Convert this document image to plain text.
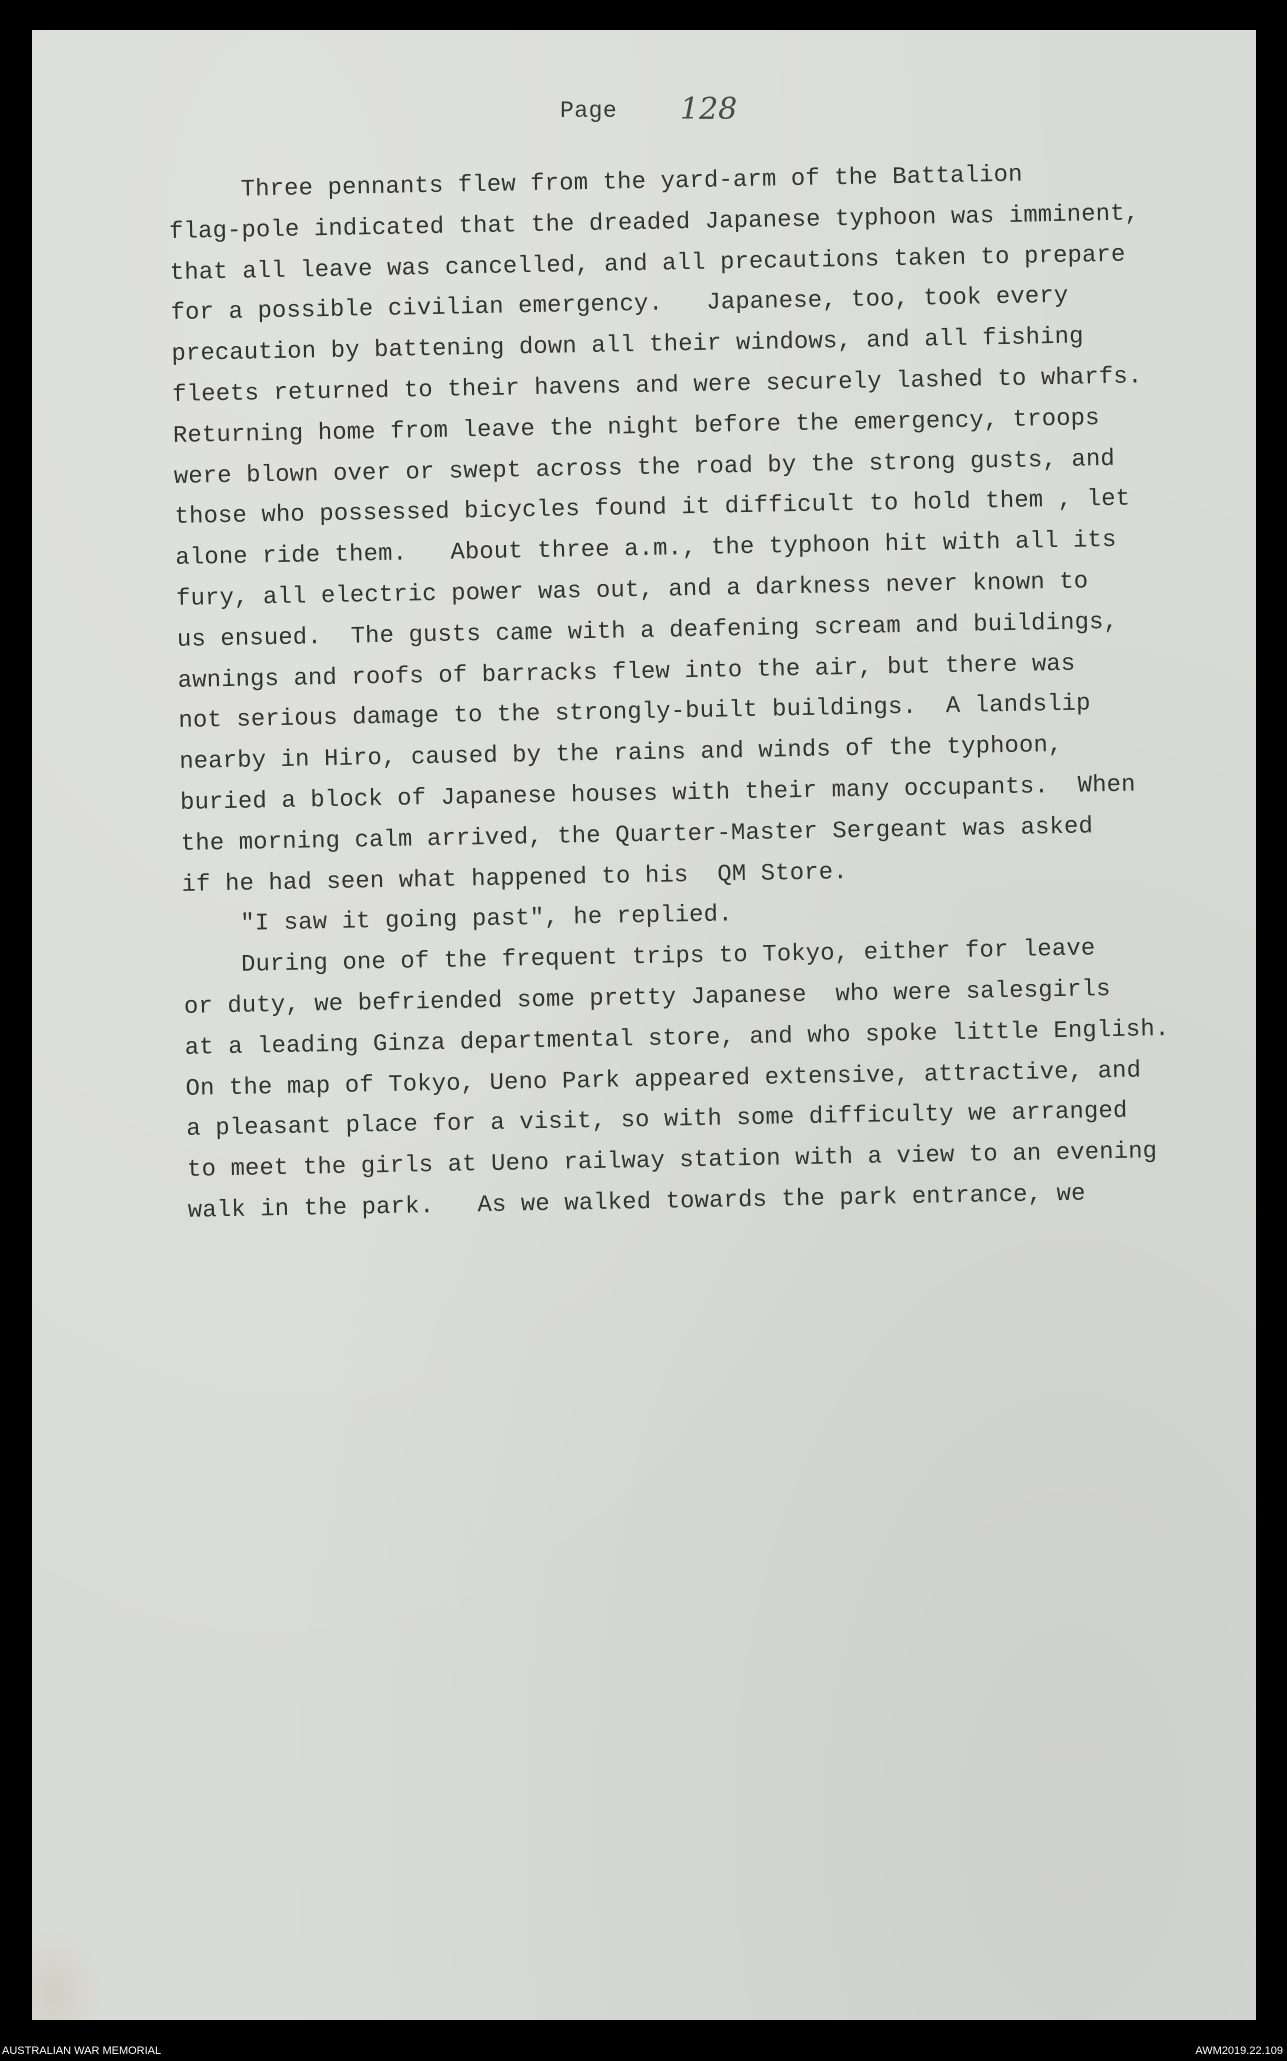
Page 128
Three pennants flew from the yard-arm of the Battalion
flag-pole indicated that the dreaded Japanese typhoon was imminent,
that all leave was cancelled, and all precautions taken to prepare
for a possible civilian emergency.   Japanese, too, took every
precaution by battening down all their windows, and all fishing
fleets returned to their havens and were securely lashed to wharfs.
Returning home from leave the night before the emergency, troops
were blown over or swept across the road by the strong gusts, and
those who possessed bicycles found it difficult to hold them , let
alone ride them.   About three a.m., the typhoon hit with all its
fury, all electric power was out, and a darkness never known to
us ensued.  The gusts came with a deafening scream and buildings,
awnings and roofs of barracks flew into the air, but there was
not serious damage to the strongly-built buildings.  A landslip
nearby in Hiro, caused by the rains and winds of the typhoon,
buried a block of Japanese houses with their many occupants.  When
the morning calm arrived, the Quarter-Master Sergeant was asked
if he had seen what happened to his  QM Store.
"I saw it going past", he replied.
During one of the frequent trips to Tokyo, either for leave
or duty, we befriended some pretty Japanese  who were salesgirls
at a leading Ginza departmental store, and who spoke little English.
On the map of Tokyo, Ueno Park appeared extensive, attractive, and
a pleasant place for a visit, so with some difficulty we arranged
to meet the girls at Ueno railway station with a view to an evening
walk in the park.   As we walked towards the park entrance, we
AUSTRALIAN WAR MEMORIAL	AWM2019.22.109
